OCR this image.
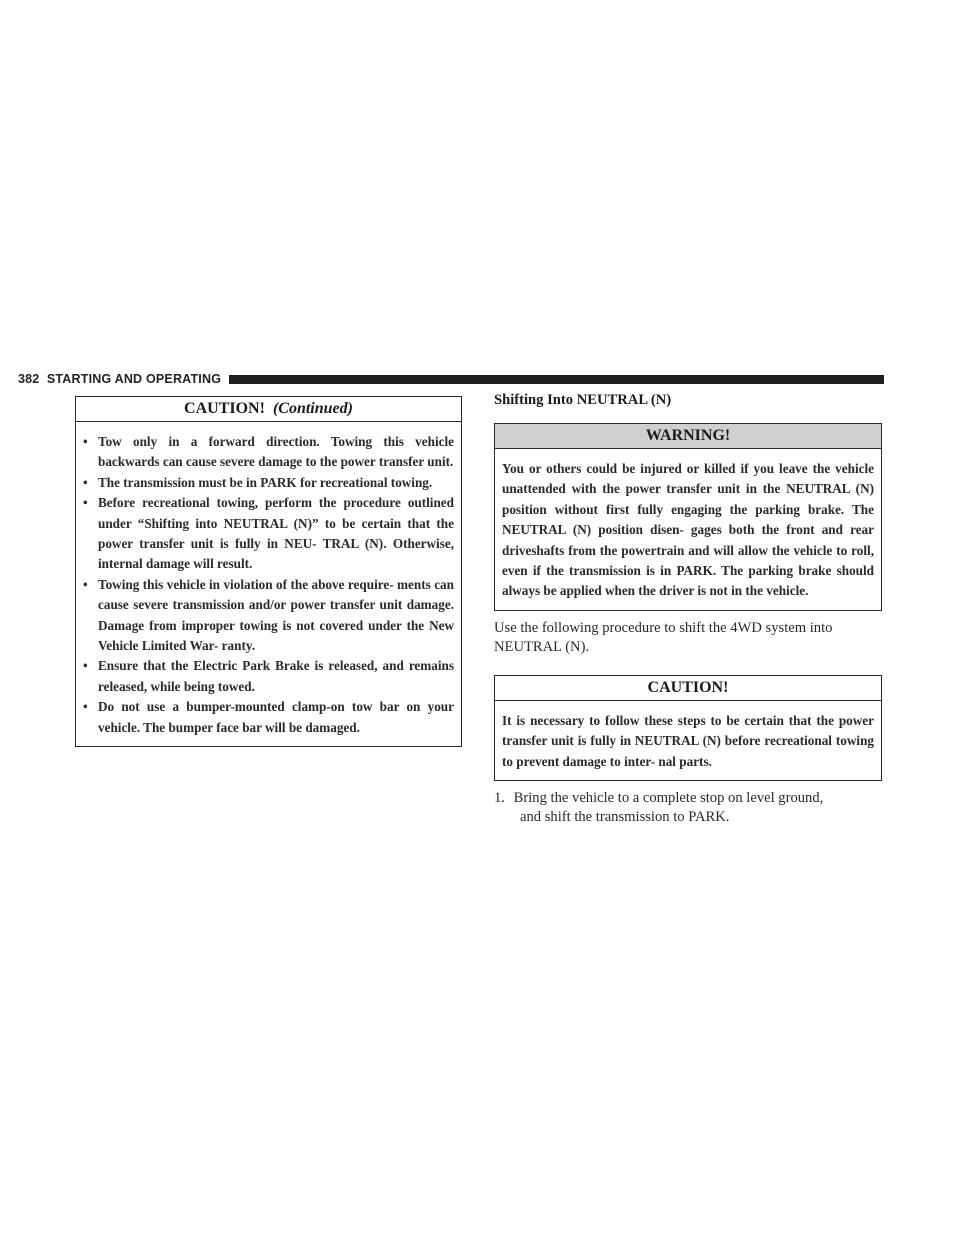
382 STARTING AND OPERATING
CAUTION! (Continued)
• Tow only in a forward direction. Towing this vehicle backwards can cause severe damage to the power transfer unit.
• The transmission must be in PARK for recreational towing.
• Before recreational towing, perform the procedure outlined under “Shifting into NEUTRAL (N)” to be certain that the power transfer unit is fully in NEU- TRAL (N). Otherwise, internal damage will result.
• Towing this vehicle in violation of the above require- ments can cause severe transmission and/or power transfer unit damage. Damage from improper towing is not covered under the New Vehicle Limited War- ranty.
• Ensure that the Electric Park Brake is released, and remains released, while being towed.
• Do not use a bumper-mounted clamp-on tow bar on your vehicle. The bumper face bar will be damaged.
Shifting Into NEUTRAL (N)
WARNING!
You or others could be injured or killed if you leave the vehicle unattended with the power transfer unit in the NEUTRAL (N) position without first fully engaging the parking brake. The NEUTRAL (N) position disen- gages both the front and rear driveshafts from the powertrain and will allow the vehicle to roll, even if the transmission is in PARK. The parking brake should always be applied when the driver is not in the vehicle.
Use the following procedure to shift the 4WD system into NEUTRAL (N).
CAUTION!
It is necessary to follow these steps to be certain that the power transfer unit is fully in NEUTRAL (N) before recreational towing to prevent damage to inter- nal parts.
1. Bring the vehicle to a complete stop on level ground,
and shift the transmission to PARK.
